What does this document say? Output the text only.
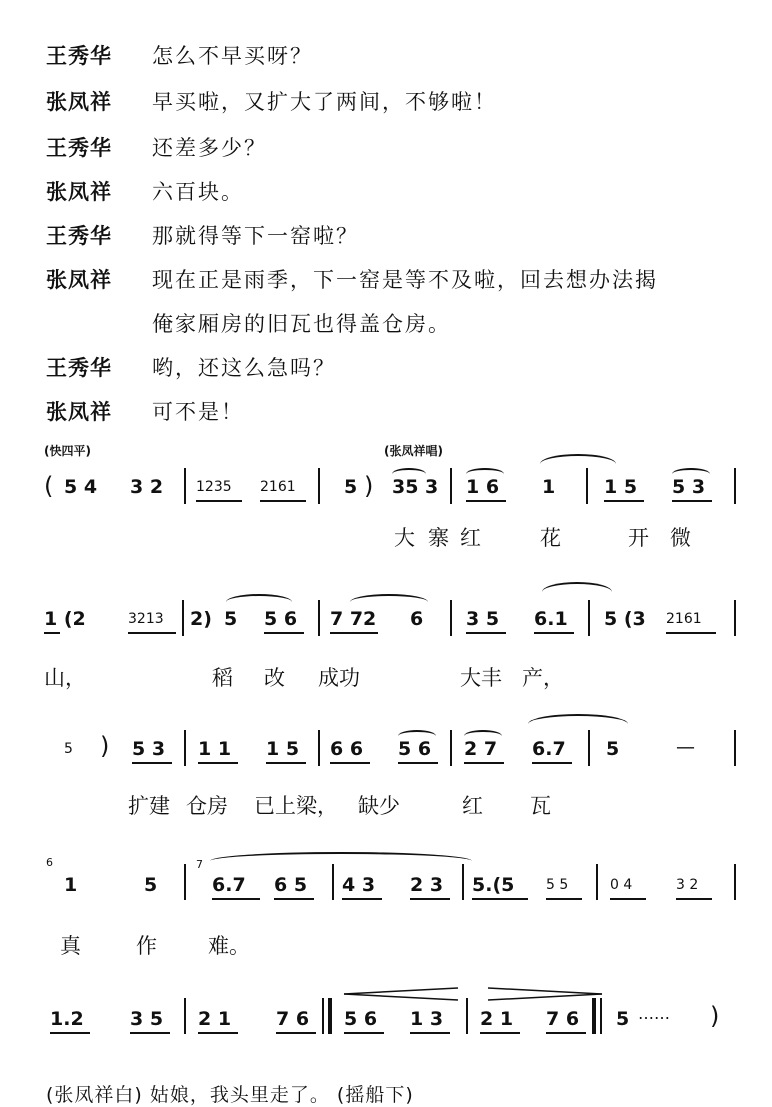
王秀华 怎么不早买呀？
张凤祥 早买啦，又扩大了两间，不够啦！
王秀华 还差多少？
张凤祥 六百块。
王秀华 那就得等下一窑啦？
张凤祥 现在正是雨季，下一窑是等不及啦，回去想办法揭
俺家厢房的旧瓦也得盖仓房。
王秀华 哟，还这么急吗？
张凤祥 可不是！
(快四平)	(张凤祥唱)
( 5 4 3 2 1235 2161	5 ) 35 3 1 6 1	1 5 5 3
大 寨 红	花	开 微
1 (2	3213 2) 5 5 6 7 72 6 3 5 6.1 5 (3 2161
山，	稻 改 成功	大丰 产，
5 ) 5 3 1 1 1 5 6 6 5 6 2 7 6.7 5	—
扩建 仓房 已上梁， 缺少	红 瓦
6
1	5
7
6.7 6 5 4 3 2 3 5.(5 5 5	0 4	3 2
真	作 难。
1.2 3 5 2 1 7 6 5 6 1 3 2 1 7 6 5 …… )
(张凤祥白) 姑娘，我头里走了。 (摇船下)
